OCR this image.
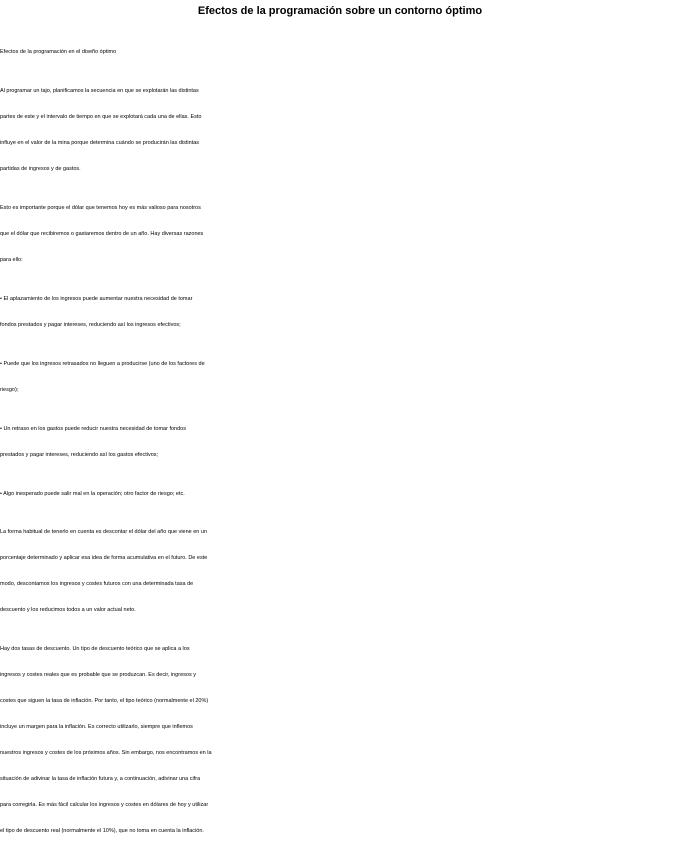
Efectos de la programación sobre un contorno óptimo

Efectos de la programación en el diseño óptimo

Al programar un tajo, planificamos la secuencia en que se explotarán las distintas
partes de este y el intervalo de tiempo en que se explotará cada una de ellas. Esto
influye en el valor de la mina porque determina cuándo se producirán las distintas
partidas de ingresos y de gastos.

Esto es importante porque el dólar que tenemos hoy es más valioso para nosotros
que el dólar que recibiremos o gastaremos dentro de un año. Hay diversas razones
para ello:

• El aplazamiento de los ingresos puede aumentar nuestra necesidad de tomar
fondos prestados y pagar intereses, reduciendo así los ingresos efectivos;

• Puede que los ingresos retrasados no lleguen a producirse (uno de los factores de
riesgo);

• Un retraso en los gastos puede reducir nuestra necesidad de tomar fondos
prestados y pagar intereses, reduciendo así los gastos efectivos;

• Algo inesperado puede salir mal en la operación; otro factor de riesgo; etc.

La forma habitual de tenerlo en cuenta es descontar el dólar del año que viene en un
porcentaje determinado y aplicar esa idea de forma acumulativa en el futuro. De este
modo, descontamos los ingresos y costes futuros con una determinada tasa de
descuento y los reducimos todos a un valor actual neto.

Hay dos tasas de descuento. Un tipo de descuento teórico que se aplica a los
ingresos y costes reales que es probable que se produzcan. Es decir, ingresos y
costes que siguen la tasa de inflación. Por tanto, el tipo teórico (normalmente el 20%)
incluye un margen para la inflación. Es correcto utilizarlo, siempre que inflemos
nuestros ingresos y costes de los próximos años. Sin embargo, nos encontramos en la
situación de adivinar la tasa de inflación futura y, a continuación, adivinar una cifra
para corregirla. Es más fácil calcular los ingresos y costes en dólares de hoy y utilizar
el tipo de descuento real (normalmente el 10%), que no toma en cuenta la inflación.
